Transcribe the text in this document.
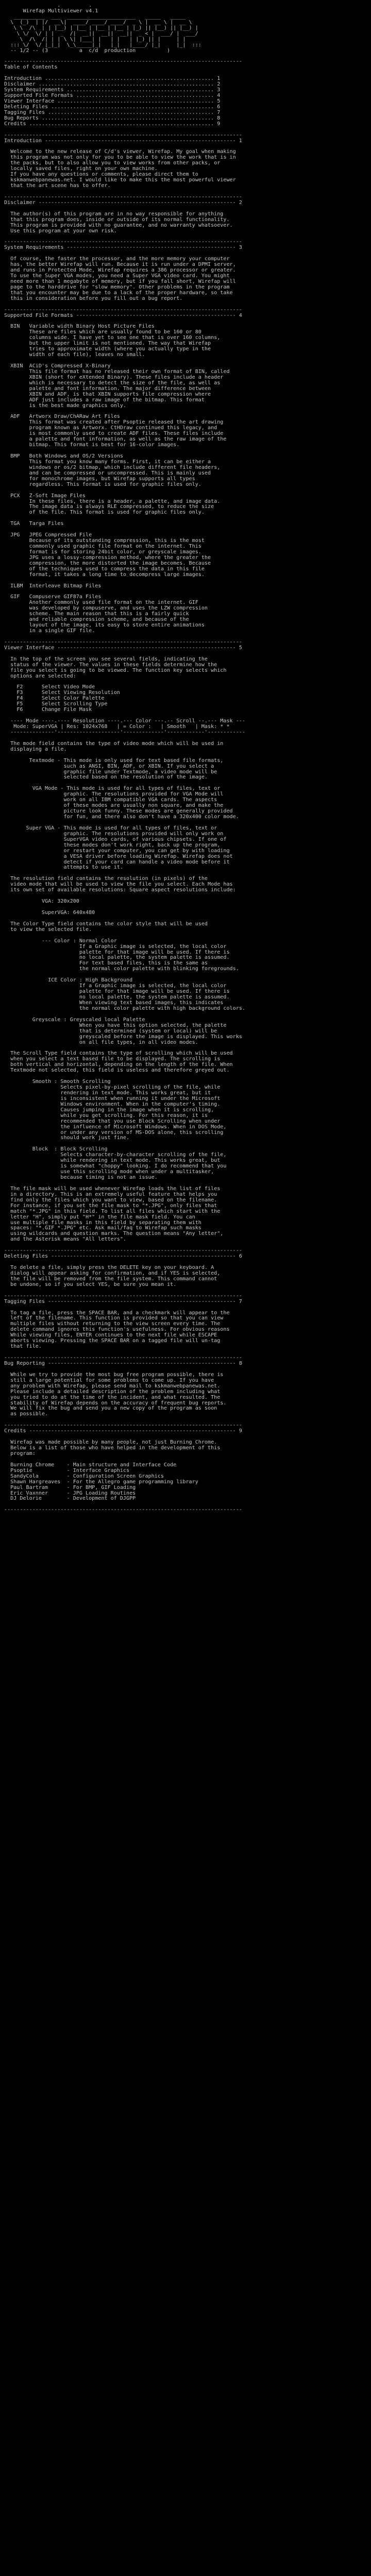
.         .
Wirefap Multiviewer v4.1
__________  ___  ______________________   _____   _____
\  (_)  | |/  __\|  ____/ ____/ ____/  _ \ |  __ \ |  __ \
\ \  /\  | | |__) | |__ | |__ | |__ | |_) || |__) || |__) |
\ \/  \/ | |  _  /|  __||  __||  __||  _ < |  ___/ |  ___/
\  /\  /| | | \ \| |___| |   | |   | |_) || |     | |
::: \/  \/ |_|_|  \_\_____|_|   |_|   |____/ |_|     |_|  :::
-- 1/2 -- (3          a  c/d  production          )
----------------------------------------------------------------------------
Table of Contents
Introduction ...................................................... 1
Disclaimer ........................................................ 2
System Requirements ............................................... 3
Supported File Formats ............................................ 4
Viewer Interface .................................................. 5
Deleting Files .................................................... 6
Tagging Files ..................................................... 7
Bug Reports ....................................................... 8
Credits ........................................................... 9
----------------------------------------------------------------------------
Introduction ------------------------------------------------------------- 1
Welcome to the new release of C/d's viewer, Wirefap. My goal when making
this program was not only for you to be able to view the work that is in
the packs, but to also allow you to view works from other packs, or
locally saved files, right on your own machine.
If you have any questions or comments, please direct them to
kskmanwebpanewas.net. I would like to make this the most powerful viewer
that the art scene has to offer.
----------------------------------------------------------------------------
Disclaimer --------------------------------------------------------------- 2
The author(s) of this program are in no way responsible for anything
that this program does, inside or outside of its normal functionality.
This program is provided with no guarantee, and no warranty whatsoever.
Use this program at your own risk.
----------------------------------------------------------------------------
System Requirements ------------------------------------------------------ 3
Of course, the faster the processor, and the more memory your computer
has, the better Wirefap will run. Because it is run under a DPMI server,
and runs in Protected Mode, Wirefap requires a 386 processor or greater.
To use the Super VGA modes, you need a Super VGA video card. You might
need more than 1 megabyte of memory, but if you fall short, Wirefap will
page to the harddrive for "slow memory". Other problems in the program
that you encounter may be due to a lack of the proper hardware, so take
this in consideration before you fill out a bug report.
----------------------------------------------------------------------------
Supported File Formats --------------------------------------------------- 4
BIN   Variable width Binary Host Picture Files
These are files which are usually found to be 160 or 80
columns wide. I have yet to see one that is over 160 columns,
but the upper limit is not mentioned. The way that Wirefap
tries to approximate width (where you actually type in the
width of each file), leaves no small.
XBIN  ACiD's Compressed X-Binary
This file format has no released their own format of BIN, called
XBIN (short for eXtended Binary). These files include a header
which is necessary to detect the size of the file, as well as
palette and font information. The major difference between
XBIN and ADF, is that XBIN supports file compression where
ADF just includes a raw image of the bitmap. This format
is the best made graphics only.
ADF   Artworx Draw/ChARaw Art Files
This format was created after Psoptie released the art drawing
program known as Artworx. CtHDraw continued this legacy, and
is most commonly used to create ADF files. These files include
a palette and font information, as well as the raw image of the
bitmap. This format is best for 16-color images.
BMP   Both Windows and OS/2 Versions
This format you know many forms. First, it can be either a
windows or os/2 bitmap, which include different file headers,
and can be compressed or uncompressed. This is mainly used
for monochrome images, but Wirefap supports all types
regardless. This format is used for graphic files only.
PCX   Z-Soft Image Files
In these files, there is a header, a palette, and image data.
The image data is always RLE compressed, to reduce the size
of the file. This format is used for graphic files only.
TGA   Targa Files
JPG   JPEG Compressed File
Because of its outstanding compression, this is the most
commonly used graphic file format on the internet. This
format is for storing 24bit color, or greyscale images.
JPG uses a lossy-compression method, where the greater the
compression, the more distorted the image becomes. Because
of the techniques used to compress the data in this file
format, it takes a long time to decompress large images.
ILBM  Interleave Bitmap Files
GIF   Compuserve GIF87a Files
Another commonly used file format on the internet. GIF
was developed by compuserve, and uses the LZW compression
scheme. The main reason that this is a fairly quick
and reliable compression scheme, and because of the
layout of the image, its easy to store entire animations
in a single GIF file.
----------------------------------------------------------------------------
Viewer Interface --------------------------------------------------------- 5
In the top of the screen you see several fields, indicating the
status of the viewer. The values in these fields determine how the
file you select is going to be viewed. The function key selects which
options are selected:
F2      Select Video Mode
F3      Select Viewing Resolution
F4      Select Color Palette
F5      Select Scrolling Type
F6      Change File Mask
---- Mode ----.---- Resolution ----.--- Color ---.-- Scroll --.--- Mask ---
Mode: SuperVGA | Res: 1024x768   | = Color :   | Smooth   | Mask: * *
--------------'--------------------'-------------'------------'------------
The mode field contains the type of video mode which will be used in
displaying a file.
Textmode - This mode is only used for text based file formats,
such as ANSI, BIN, ADF, or XBIN. If you select a
graphic file under Textmode, a video mode will be
selected based on the resolution of the image.
VGA Mode - This mode is used for all types of files, text or
graphic. The resolutions provided for VGA Mode will
work on all IBM compatible VGA cards. The aspects
of these modes are usually non square, and make the
picture look funny. These modes are generally provided
for fun, and there also don't have a 320x400 color mode.
Super VGA - This mode is used for all types of files, text or
graphic. The resolutions provided will only work on
SuperVGA video cards, of various chipsets. If one of
these modes don't work right, back up the program,
or restart your computer, you can get by with loading
a VESA driver before loading Wirefap. Wirefap does not
detect if your card can handle a video mode before it
attempts to use it.
The resolution field contains the resolution (in pixels) of the
video mode that will be used to view the file you select. Each Mode has
its own set of available resolutions: Square aspect resolutions include:
VGA: 320x200
SuperVGA: 640x480
The Color Type field contains the color style that will be used
to view the selected file.
--- Color : Normal Color
If a Graphic image is selected, the local color
palette for that image will be used. If there is
no local palette, the system palette is assumed.
For text based files, this is the same as
the normal color palette with blinking foregrounds.
ICE Color : High Background
If a Graphic image is selected, the local color
palette for that image will be used. If there is
no local palette, the system palette is assumed.
When viewing text based images, this indicates
the normal color palette with high background colors.
Greyscale : Greyscaled local Palette
When you have this option selected, the palette
that is determined (system or local) will be
greyscaled before the image is displayed. This works
on all file types, in all video modes.
The Scroll Type field contains the type of scrolling which will be used
when you select a text based file to be displayed. The scrolling is
both vertical and horizontal, depending on the length of the file. When
Textmode not selected, this field is useless and therefore greyed out.
Smooth : Smooth Scrolling
Selects pixel-by-pixel scrolling of the file, while
rendering in text mode. This works great, but it
is inconsistent when running it under the Microsoft
Windows environment. When in the computer's timing.
Causes jumping in the image when it is scrolling,
while you get scrolling. For this reason, it is
recommended that you use Block Scrolling when under
the influence of Microsoft Windows. When in DOS Mode,
or under any version of MS-DOS alone, this scrolling
should work just fine.
Block  : Block Scrolling
Selects character-by-character scrolling of the file,
while rendering in text mode. This works great, but
is somewhat "choppy" looking. I do recommend that you
use this scrolling mode when under a multitasker,
because timing is not an issue.
The file mask will be used whenever Wirefap loads the list of files
in a directory. This is an extremely useful feature that helps you
find only the files which you want to view, based on the filename.
For instance, if you set the file mask to "*.JPG", only files that
match "*.JPG" in this field. To list all files which start with the
letter "H", simply put "H*" in the file mask field. You can
use multiple file masks in this field by separating them with
spaces: "*.GIF *.JPG" etc. Ask mail/faq to Wirefap such masks
using wildcards and question marks. The question means "Any letter",
and the Asterisk means "All letters".
----------------------------------------------------------------------------
Deleting Files ----------------------------------------------------------- 6
To delete a file, simply press the DELETE key on your keyboard. A
dialog will appear asking for confirmation, and if YES is selected,
the file will be removed from the file system. This command cannot
be undone, so if you select YES, be sure you mean it.
----------------------------------------------------------------------------
Tagging Files ------------------------------------------------------------ 7
To tag a file, press the SPACE BAR, and a checkmark will appear to the
left of the filename. This function is provided so that you can view
multiple files without returning to the view screen every time. The
delete command ignores this function's usefulness. For obvious reasons
While viewing files, ENTER continues to the next file while ESCAPE
aborts viewing. Pressing the SPACE BAR on a tagged file will un-tag
that file.
----------------------------------------------------------------------------
Bug Reporting ------------------------------------------------------------ 8
While we try to provide the most bug free program possible, there is
still a large potential for some problems to come up. If you have
any problem with Wirefap, please send mail to kskmanwebpanewas.net.
Please include a detailed description of the problem including what
you tried to do at the time of the incident, and what resulted. The
stability of Wirefap depends on the accuracy of frequent bug reports.
We will fix the bug and send you a new copy of the program as soon
as possible.
----------------------------------------------------------------------------
Credits ------------------------------------------------------------------ 9
Wirefap was made possible by many people, not just Burning Chrome.
Below is a list of those who have helped in the development of this
program:
Burning Chrome    - Main structure and Interface Code
Psoptie           - Interface Graphics
SandyCola         - Configuration Screen Graphics
Shawn Hargreaves  - For the Allegro game programming library
Paul Bartram      - For BMP, GIF Loading
Eric Vaxnner      - JPG Loading Routines
DJ Delorie        - Development of DJGPP
----------------------------------------------------------------------------
